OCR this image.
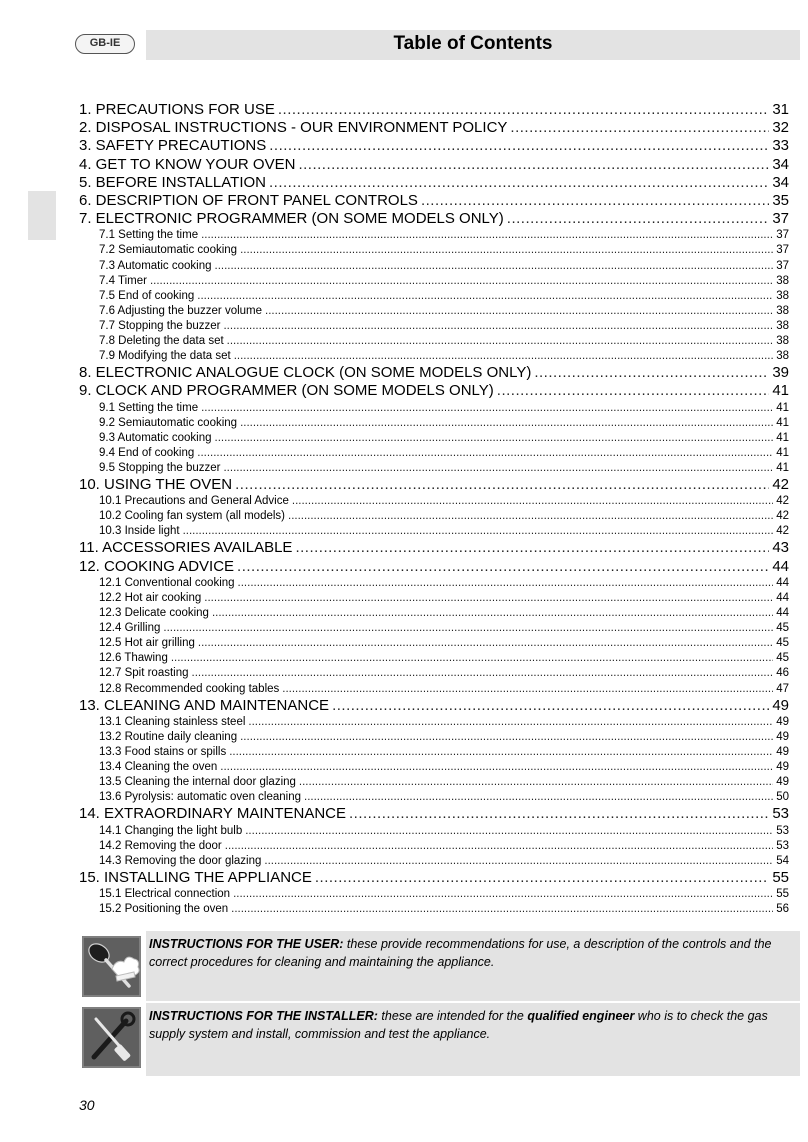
Table of Contents
GB-IE
1. PRECAUTIONS FOR USE .....	31
2. DISPOSAL INSTRUCTIONS - OUR ENVIRONMENT POLICY .....	32
3. SAFETY PRECAUTIONS .....	33
4. GET TO KNOW YOUR OVEN .....	34
5. BEFORE INSTALLATION .....	34
6. DESCRIPTION OF FRONT PANEL CONTROLS .....	35
7. ELECTRONIC PROGRAMMER (ON SOME MODELS ONLY) .....	37
7.1 Setting the time .....	37
7.2 Semiautomatic cooking .....	37
7.3 Automatic cooking .....	37
7.4 Timer .....	38
7.5 End of cooking .....	38
7.6 Adjusting the buzzer volume .....	38
7.7 Stopping the buzzer .....	38
7.8 Deleting the data set .....	38
7.9 Modifying the data set .....	38
8. ELECTRONIC ANALOGUE CLOCK (ON SOME MODELS ONLY) .....	39
9. CLOCK AND PROGRAMMER (ON SOME MODELS ONLY) .....	41
9.1 Setting the time .....	41
9.2 Semiautomatic cooking .....	41
9.3 Automatic cooking .....	41
9.4 End of cooking .....	41
9.5 Stopping the buzzer .....	41
10. USING THE OVEN .....	42
10.1 Precautions and General Advice .....	42
10.2 Cooling fan system (all models) .....	42
10.3 Inside light .....	42
11. ACCESSORIES AVAILABLE .....	43
12. COOKING ADVICE .....	44
12.1 Conventional cooking .....	44
12.2 Hot air cooking .....	44
12.3 Delicate cooking .....	44
12.4 Grilling .....	45
12.5 Hot air grilling .....	45
12.6 Thawing .....	45
12.7 Spit roasting .....	46
12.8 Recommended cooking tables .....	47
13. CLEANING AND MAINTENANCE .....	49
13.1 Cleaning stainless steel .....	49
13.2 Routine daily cleaning .....	49
13.3 Food stains or spills .....	49
13.4 Cleaning the oven .....	49
13.5 Cleaning the internal door glazing .....	49
13.6 Pyrolysis: automatic oven cleaning .....	50
14. EXTRAORDINARY MAINTENANCE .....	53
14.1 Changing the light bulb .....	53
14.2 Removing the door .....	53
14.3 Removing the door glazing .....	54
15. INSTALLING THE APPLIANCE .....	55
15.1 Electrical connection .....	55
15.2 Positioning the oven .....	56
INSTRUCTIONS FOR THE USER: these provide recommendations for use, a description of the controls and the correct procedures for cleaning and maintaining the appliance.
INSTRUCTIONS FOR THE INSTALLER: these are intended for the qualified engineer who is to check the gas supply system and install, commission and test the appliance.
30
